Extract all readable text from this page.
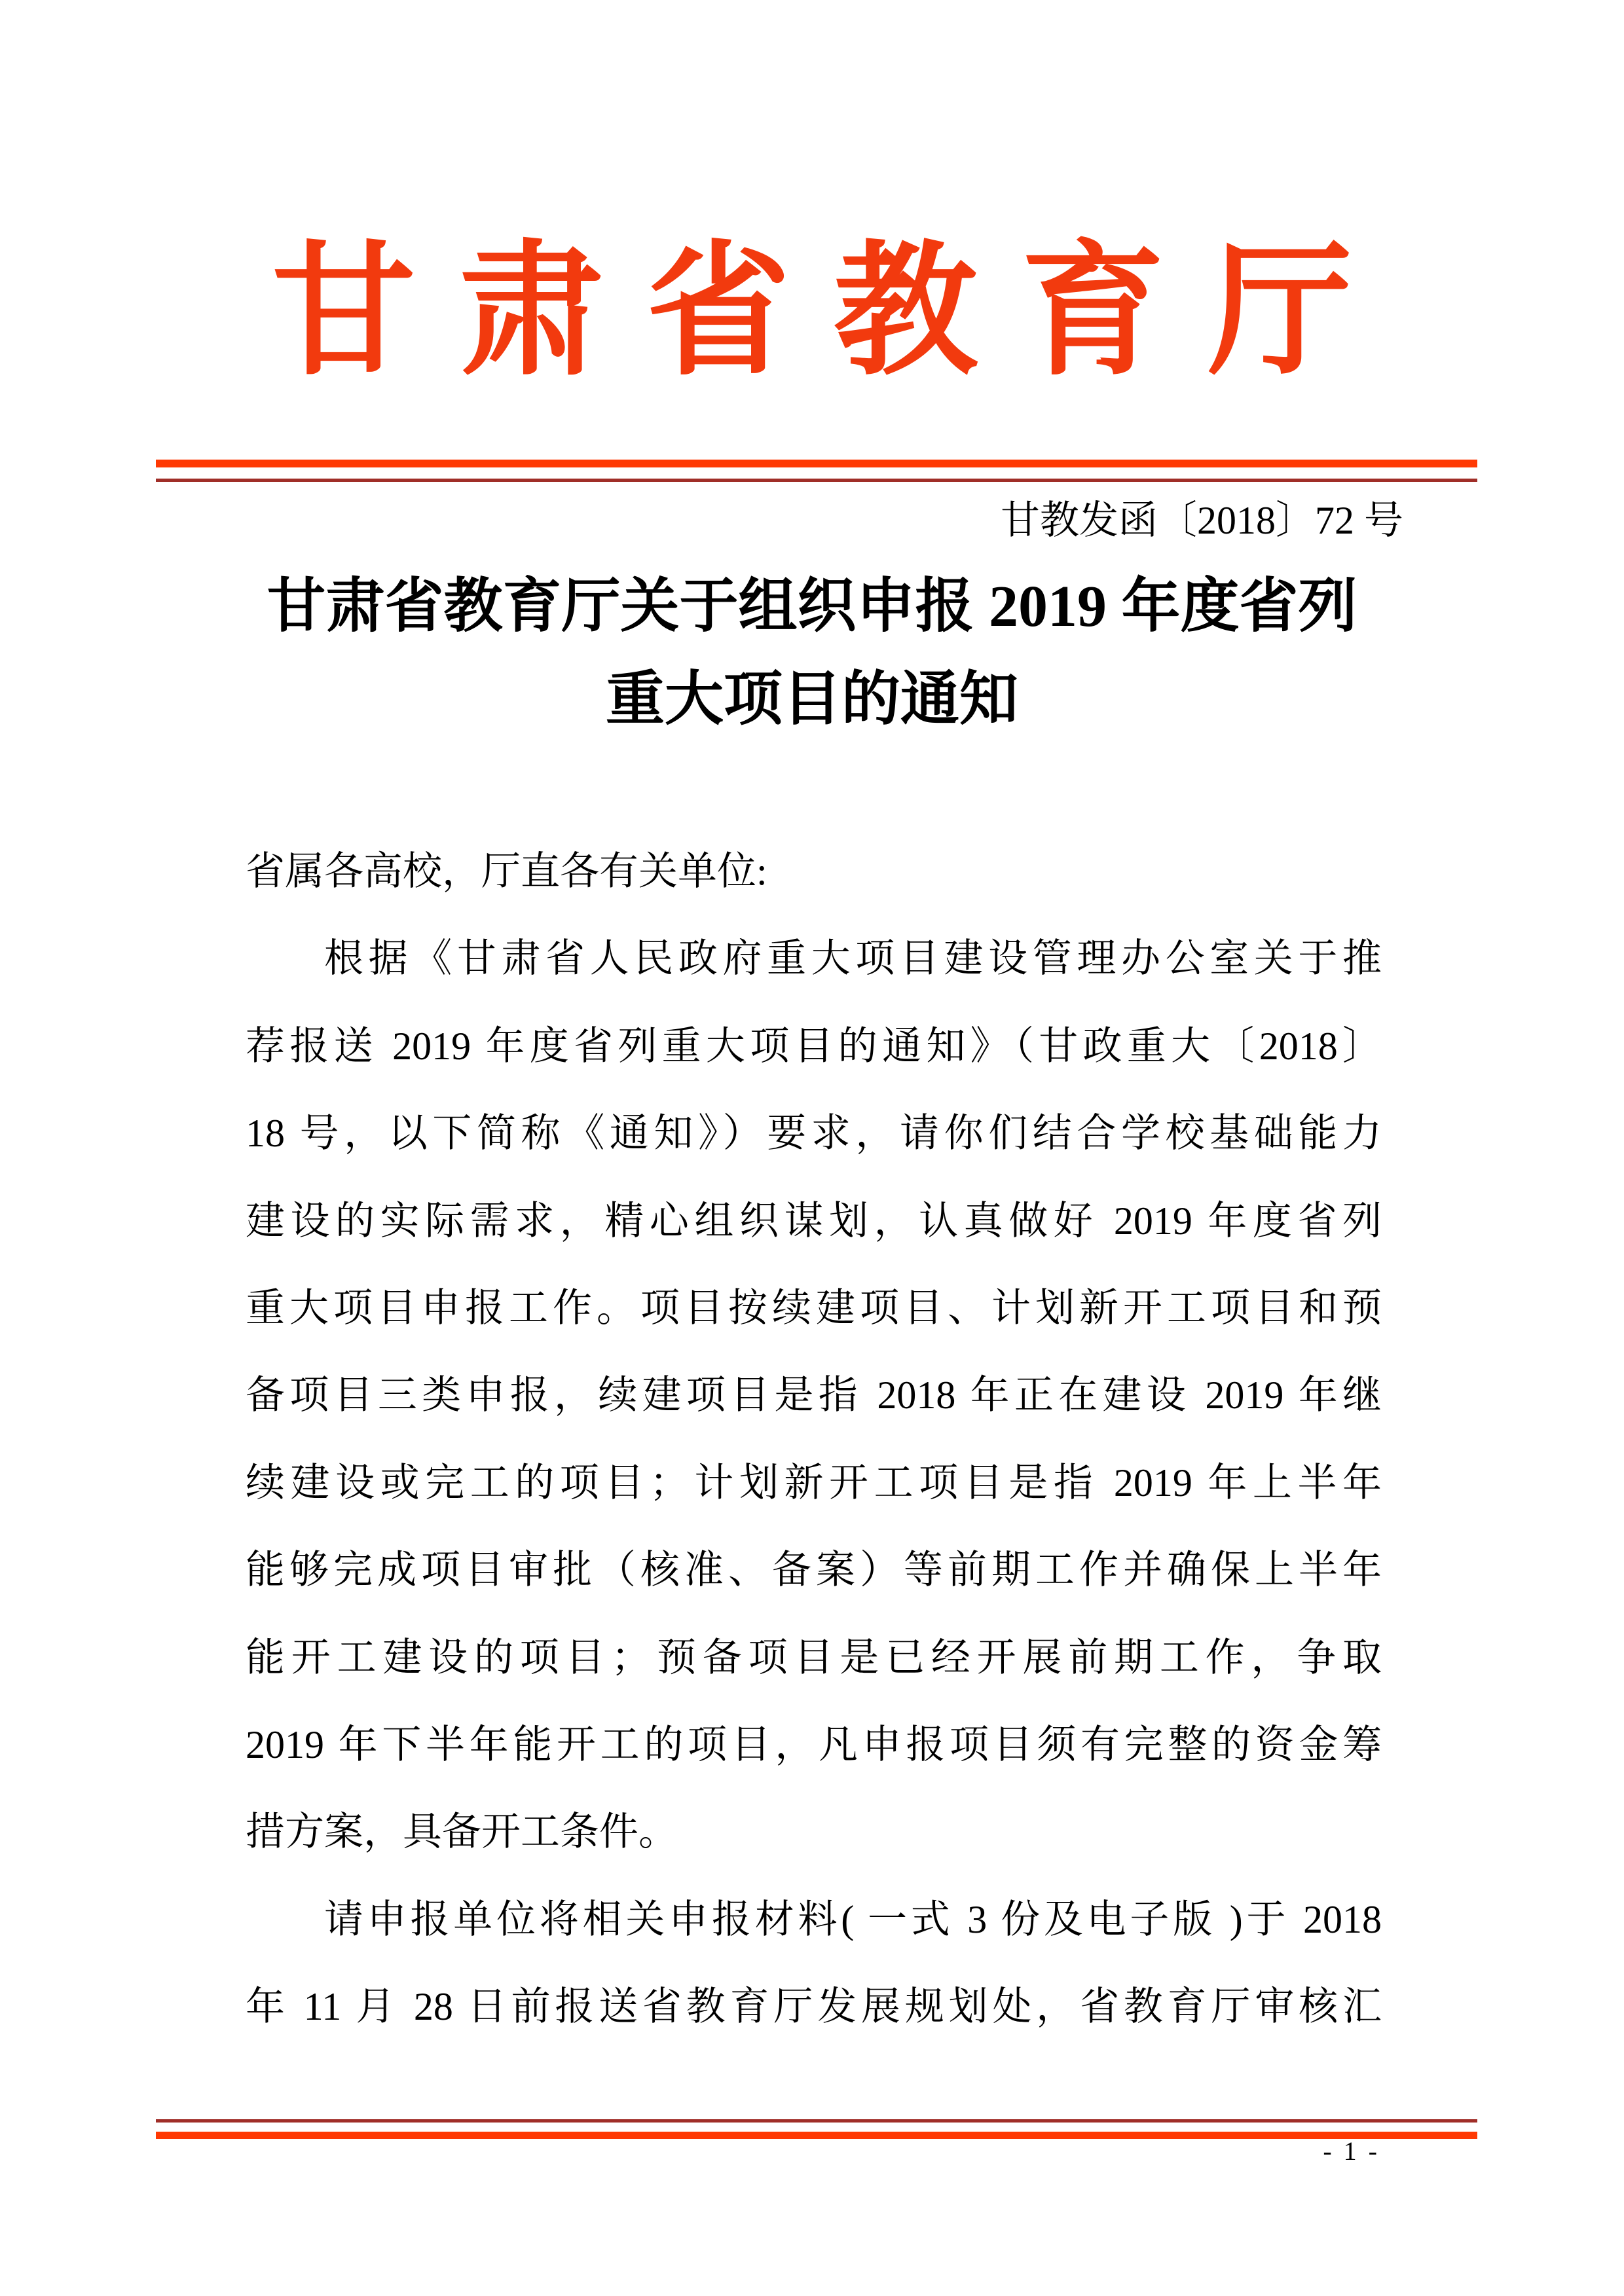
甘肃省教育厅
甘教发函〔2018〕72 号
甘肃省教育厅关于组织申报 2019 年度省列
重大项目的通知
省属各高校，厅直各有关单位:
根据《甘肃省人民政府重大项目建设管理办公室关于推
荐报送 2019 年度省列重大项目的通知》（甘政重大〔2018〕
18 号，以下简称《通知》）要求，请你们结合学校基础能力
建设的实际需求，精心组织谋划，认真做好 2019 年度省列
重大项目申报工作。项目按续建项目、计划新开工项目和预
备项目三类申报，续建项目是指 2018 年正在建设 2019 年继
续建设或完工的项目；计划新开工项目是指 2019 年上半年
能够完成项目审批（核准、备案）等前期工作并确保上半年
能开工建设的项目；预备项目是已经开展前期工作，争取
2019 年下半年能开工的项目，凡申报项目须有完整的资金筹
措方案，具备开工条件。
请申报单位将相关申报材料( 一式 3 份及电子版 )于 2018
年 11 月 28 日前报送省教育厅发展规划处，省教育厅审核汇
- 1 -
